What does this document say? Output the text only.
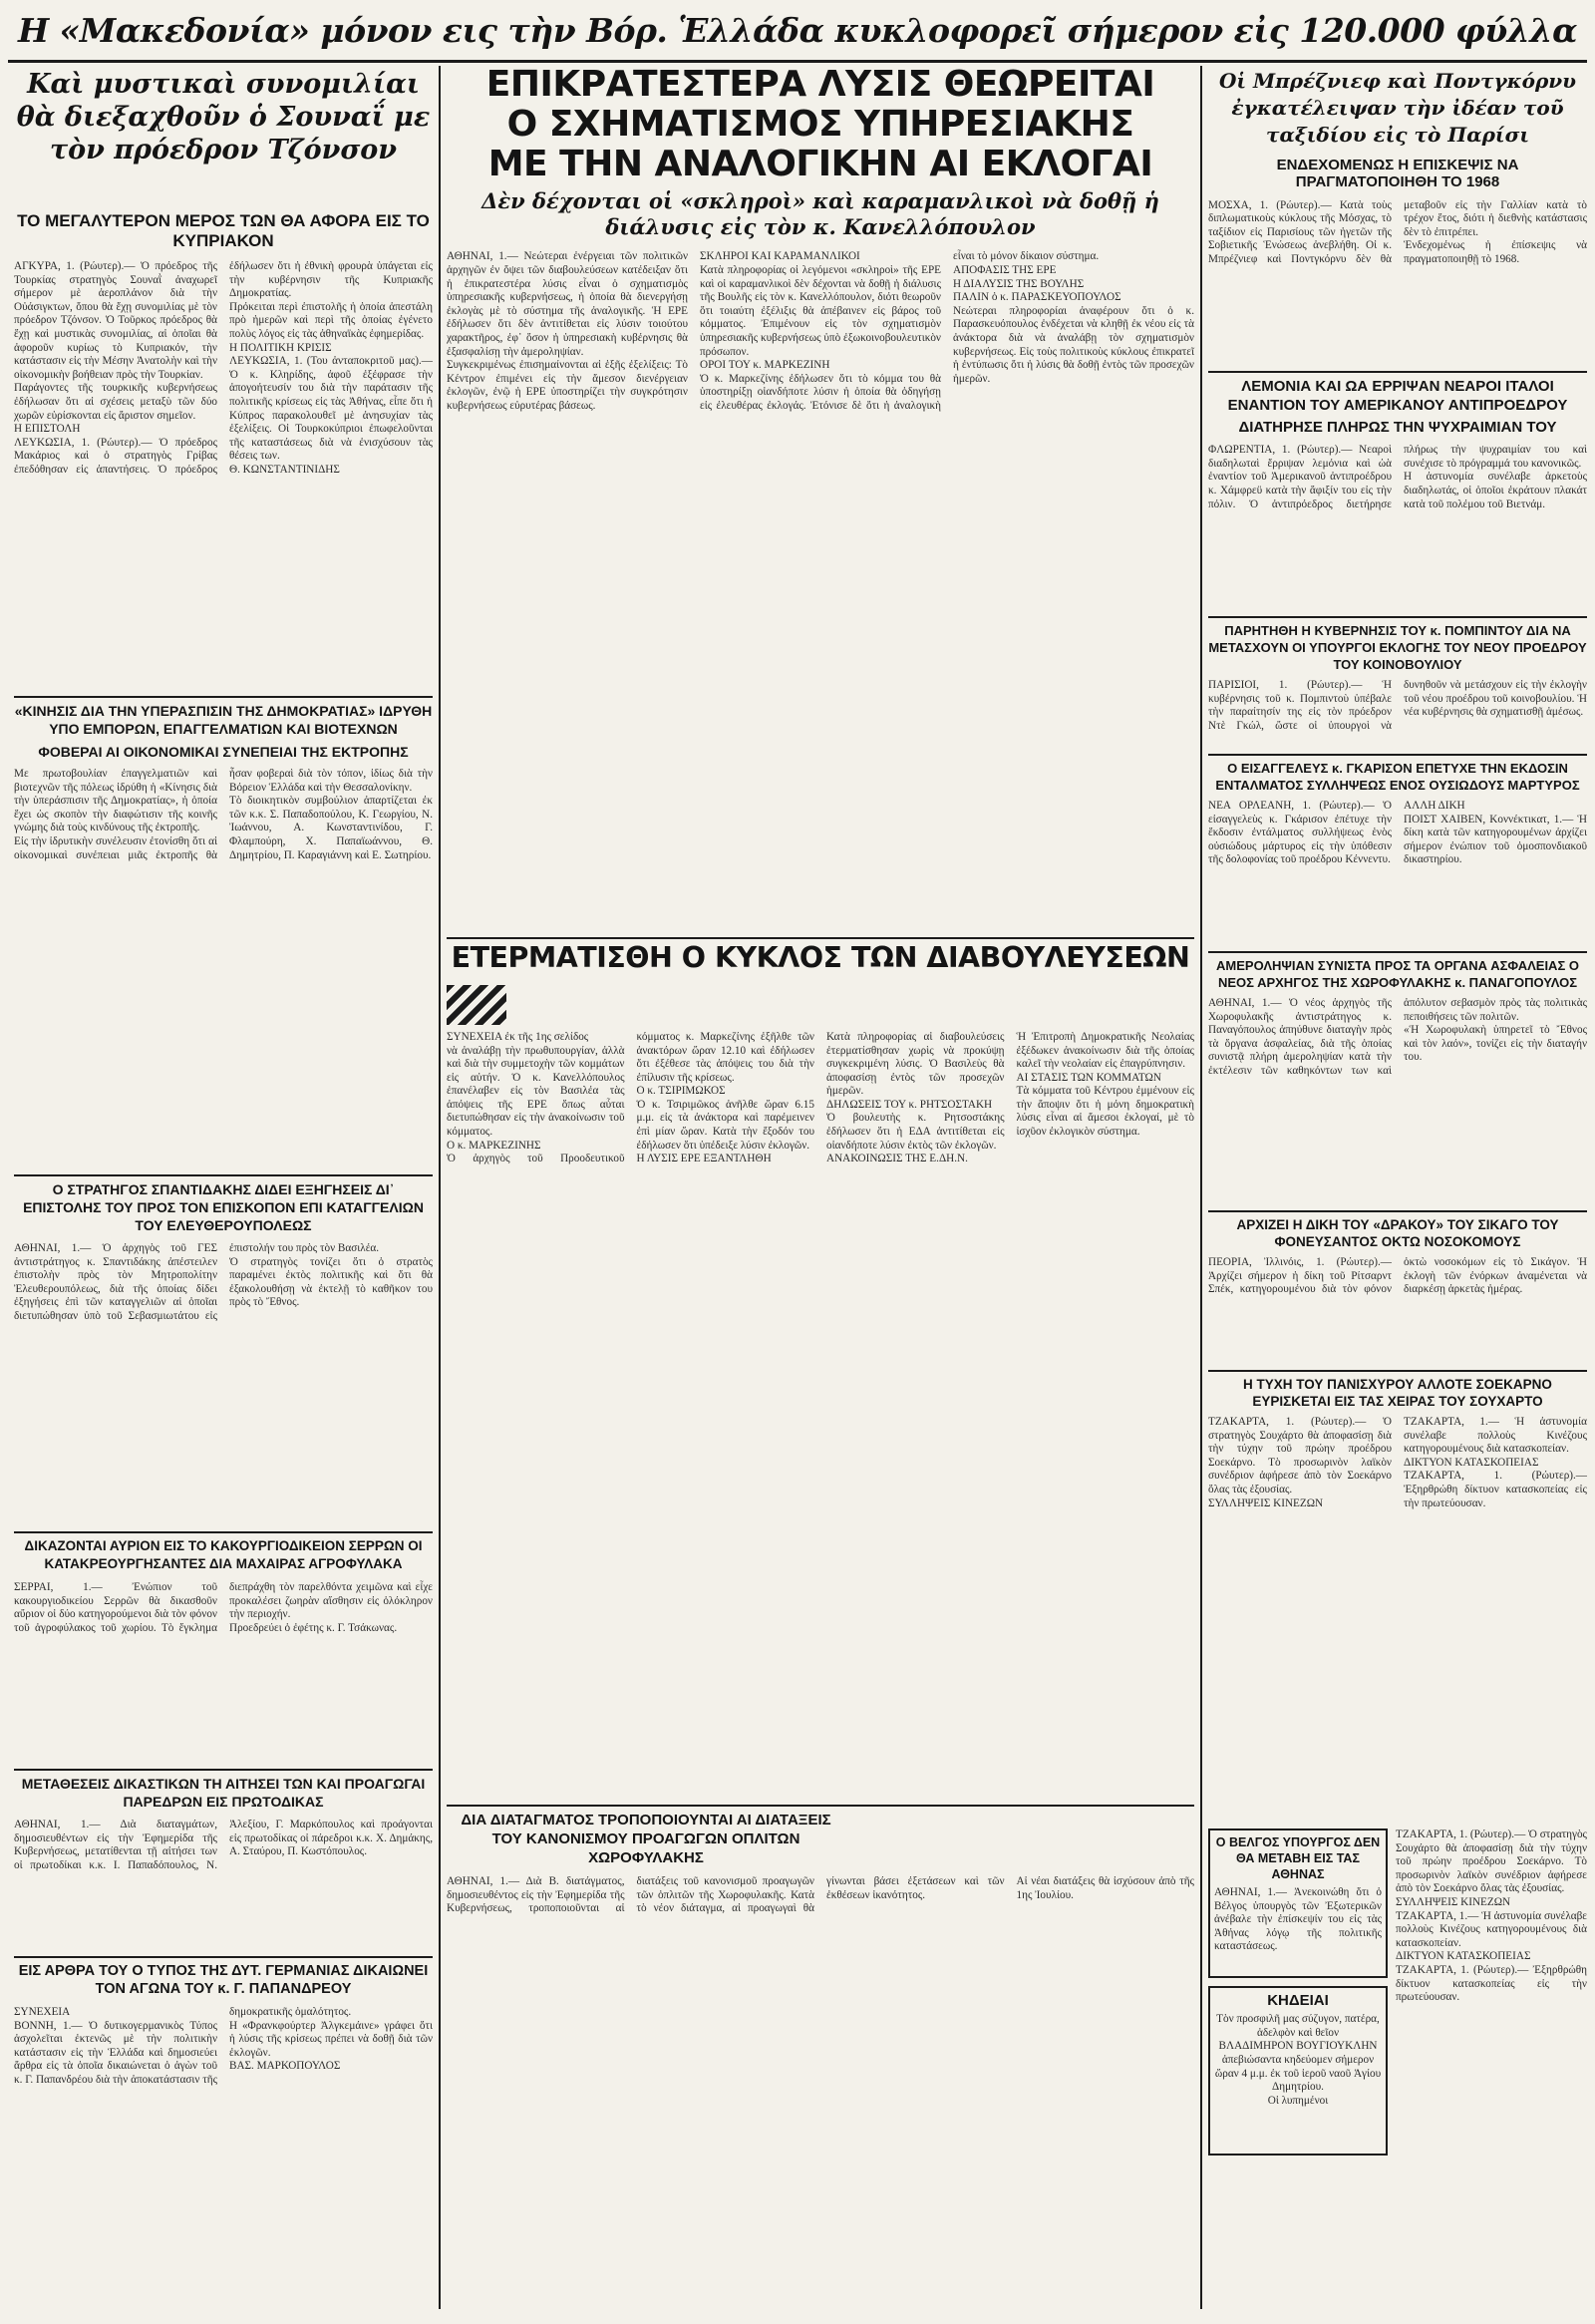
Η «Μακεδονία» μόνον εις τὴν Βόρ. Ἑλλάδα κυκλοφορεῖ σήμερον εἰς 120.000 φύλλα
Καὶ μυστικαὶ συνομιλίαι θὰ διεξαχθοῦν ὁ Σουναΐ με τὸν πρόεδρον Τζόνσον
ΤΟ ΜΕΓΑΛΥΤΕΡΟΝ ΜΕΡΟΣ ΤΩΝ ΘΑ ΑΦΟΡΑ ΕΙΣ ΤΟ ΚΥΠΡΙΑΚΟΝ
ΑΓΚΥΡΑ, 1. (Ρώυτερ).— Ὁ πρόεδρος τῆς Τουρκίας στρατηγὸς Σουναῒ ἀναχωρεῖ σήμερον μὲ ἀεροπλάνον διὰ τὴν Οὐάσιγκτων, ὅπου θὰ ἔχῃ συνομιλίας μὲ τὸν πρόεδρον Τζόνσον. Ὁ Τοῦρκος πρόεδρος θὰ ἔχῃ καὶ μυστικὰς συνομιλίας, αἱ ὁποῖαι θὰ ἀφοροῦν κυρίως τὸ Κυπριακόν, τὴν κατάστασιν εἰς τὴν Μέσην Ἀνατολὴν καὶ τὴν οἰκονομικὴν βοήθειαν πρὸς τὴν Τουρκίαν.
Παράγοντες τῆς τουρκικῆς κυβερνήσεως ἐδήλωσαν ὅτι αἱ σχέσεις μεταξὺ τῶν δύο χωρῶν εὑρίσκονται εἰς ἄριστον σημεῖον.
Η ΕΠΙΣΤΟΛΗ
ΛΕΥΚΩΣΙΑ, 1. (Ρώυτερ).— Ὁ πρόεδρος Μακάριος καὶ ὁ στρατηγὸς Γρίβας ἐπεδόθησαν εἰς ἀπαντήσεις. Ὁ πρόεδρος ἐδήλωσεν ὅτι ἡ ἐθνικὴ φρουρὰ ὑπάγεται εἰς τὴν κυβέρνησιν τῆς Κυπριακῆς Δημοκρατίας.
Πρόκειται περὶ ἐπιστολῆς ἡ ὁποία ἀπεστάλη πρὸ ἡμερῶν καὶ περὶ τῆς ὁποίας ἐγένετο πολὺς λόγος εἰς τὰς ἀθηναϊκὰς ἐφημερίδας.
Η ΠΟΛΙΤΙΚΗ ΚΡΙΣΙΣ
ΛΕΥΚΩΣΙΑ, 1. (Του ἀνταποκριτοῦ μας).— Ὁ κ. Κληρίδης, ἀφοῦ ἐξέφρασε τὴν ἀπογοήτευσίν του διὰ τὴν παράτασιν τῆς πολιτικῆς κρίσεως εἰς τὰς Ἀθήνας, εἶπε ὅτι ἡ Κύπρος παρακολουθεῖ μὲ ἀνησυχίαν τὰς ἐξελίξεις. Οἱ Τουρκοκύπριοι ἐπωφελοῦνται τῆς καταστάσεως διὰ νὰ ἐνισχύσουν τὰς θέσεις των.
Θ. ΚΩΝΣΤΑΝΤΙΝΙΔΗΣ
«ΚΙΝΗΣΙΣ ΔΙΑ ΤΗΝ ΥΠΕΡΑΣΠΙΣΙΝ ΤΗΣ ΔΗΜΟΚΡΑΤΙΑΣ» ΙΔΡΥΘΗ ΥΠΟ ΕΜΠΟΡΩΝ, ΕΠΑΓΓΕΛΜΑΤΙΩΝ ΚΑΙ ΒΙΟΤΕΧΝΩΝ
ΦΟΒΕΡΑΙ ΑΙ ΟΙΚΟΝΟΜΙΚΑΙ ΣΥΝΕΠΕΙΑΙ ΤΗΣ ΕΚΤΡΟΠΗΣ
Με πρωτοβουλίαν ἐπαγγελματιῶν καὶ βιοτεχνῶν τῆς πόλεως ἱδρύθη ἡ «Κίνησις διὰ τὴν ὑπεράσπισιν τῆς Δημοκρατίας», ἡ ὁποία ἔχει ὡς σκοπὸν τὴν διαφώτισιν τῆς κοινῆς γνώμης διὰ τοὺς κινδύνους τῆς ἐκτροπῆς.
Εἰς τὴν ἱδρυτικὴν συνέλευσιν ἐτονίσθη ὅτι αἱ οἰκονομικαὶ συνέπειαι μιᾶς ἐκτροπῆς θὰ ἦσαν φοβεραὶ διὰ τὸν τόπον, ἰδίως διὰ τὴν Βόρειον Ἑλλάδα καὶ τὴν Θεσσαλονίκην.
Τὸ διοικητικὸν συμβούλιον ἀπαρτίζεται ἐκ τῶν κ.κ. Σ. Παπαδοπούλου, Κ. Γεωργίου, Ν. Ἰωάννου, Α. Κωνσταντινίδου, Γ. Φλαμπούρη, Χ. Παπαϊωάννου, Θ. Δημητρίου, Π. Καραγιάννη καὶ Ε. Σωτηρίου.
Ο ΣΤΡΑΤΗΓΟΣ ΣΠΑΝΤΙΔΑΚΗΣ ΔΙΔΕΙ ΕΞΗΓΗΣΕΙΣ ΔΙ᾽ ΕΠΙΣΤΟΛΗΣ ΤΟΥ ΠΡΟΣ ΤΟΝ ΕΠΙΣΚΟΠΟΝ ΕΠΙ ΚΑΤΑΓΓΕΛΙΩΝ ΤΟΥ ΕΛΕΥΘΕΡΟΥΠΟΛΕΩΣ
ΑΘΗΝΑΙ, 1.— Ὁ ἀρχηγὸς τοῦ ΓΕΣ ἀντιστράτηγος κ. Σπαντιδάκης ἀπέστειλεν ἐπιστολὴν πρὸς τὸν Μητροπολίτην Ἐλευθερουπόλεως, διὰ τῆς ὁποίας δίδει ἐξηγήσεις ἐπὶ τῶν καταγγελιῶν αἱ ὁποῖαι διετυπώθησαν ὑπὸ τοῦ Σεβασμιωτάτου εἰς ἐπιστολήν του πρὸς τὸν Βασιλέα.
Ὁ στρατηγὸς τονίζει ὅτι ὁ στρατὸς παραμένει ἐκτὸς πολιτικῆς καὶ ὅτι θὰ ἐξακολουθήσῃ νὰ ἐκτελῇ τὸ καθῆκον του πρὸς τὸ Ἔθνος.
ΔΙΚΑΖΟΝΤΑΙ ΑΥΡΙΟΝ ΕΙΣ ΤΟ ΚΑΚΟΥΡΓΙΟΔΙΚΕΙΟΝ ΣΕΡΡΩΝ ΟΙ ΚΑΤΑΚΡΕΟΥΡΓΗΣΑΝΤΕΣ ΔΙΑ ΜΑΧΑΙΡΑΣ ΑΓΡΟΦΥΛΑΚΑ
ΣΕΡΡΑΙ, 1.— Ἐνώπιον τοῦ κακουργιοδικείου Σερρῶν θὰ δικασθοῦν αὔριον οἱ δύο κατηγορούμενοι διὰ τὸν φόνον τοῦ ἀγροφύλακος τοῦ χωρίου. Τὸ ἔγκλημα διεπράχθη τὸν παρελθόντα χειμῶνα καὶ εἶχε προκαλέσει ζωηρὰν αἴσθησιν εἰς ὁλόκληρον τὴν περιοχήν.
Προεδρεύει ὁ ἐφέτης κ. Γ. Τσάκωνας.
ΜΕΤΑΘΕΣΕΙΣ ΔΙΚΑΣΤΙΚΩΝ ΤΗ ΑΙΤΗΣΕΙ ΤΩΝ ΚΑΙ ΠΡΟΑΓΩΓΑΙ ΠΑΡΕΔΡΩΝ ΕΙΣ ΠΡΩΤΟΔΙΚΑΣ
ΑΘΗΝΑΙ, 1.— Διὰ διαταγμάτων, δημοσιευθέντων εἰς τὴν Ἐφημερίδα τῆς Κυβερνήσεως, μετατίθενται τῇ αἰτήσει των οἱ πρωτοδίκαι κ.κ. Ι. Παπαδόπουλος, Ν. Ἀλεξίου, Γ. Μαρκόπουλος καὶ προάγονται εἰς πρωτοδίκας οἱ πάρεδροι κ.κ. Χ. Δημάκης, Α. Σταύρου, Π. Κωστόπουλος.
ΕΙΣ ΑΡΘΡΑ ΤΟΥ Ο ΤΥΠΟΣ ΤΗΣ ΔΥΤ. ΓΕΡΜΑΝΙΑΣ ΔΙΚΑΙΩΝΕΙ ΤΟΝ ΑΓΩΝΑ ΤΟΥ κ. Γ. ΠΑΠΑΝΔΡΕΟΥ
ΣΥΝΕΧΕΙΑ
ΒΟΝΝΗ, 1.— Ὁ δυτικογερμανικὸς Τύπος ἀσχολεῖται ἐκτενῶς μὲ τὴν πολιτικὴν κατάστασιν εἰς τὴν Ἑλλάδα καὶ δημοσιεύει ἄρθρα εἰς τὰ ὁποῖα δικαιώνεται ὁ ἀγὼν τοῦ κ. Γ. Παπανδρέου διὰ τὴν ἀποκατάστασιν τῆς δημοκρατικῆς ὁμαλότητος.
Η «Φρανκφούρτερ Ἀλγκεμάινε» γράφει ὅτι ἡ λύσις τῆς κρίσεως πρέπει νὰ δοθῇ διὰ τῶν ἐκλογῶν.
ΒΑΣ. ΜΑΡΚΟΠΟΥΛΟΣ
ΕΠΙΚΡΑΤΕΣΤΕΡΑ ΛΥΣΙΣ ΘΕΩΡΕΙΤΑΙ
Ο ΣΧΗΜΑΤΙΣΜΟΣ ΥΠΗΡΕΣΙΑΚΗΣ
ΜΕ ΤΗΝ ΑΝΑΛΟΓΙΚΗΝ ΑΙ ΕΚΛΟΓΑΙ
Δὲν δέχονται οἱ «σκληροὶ» καὶ καραμανλικοὶ νὰ δοθῇ ἡ διάλυσις εἰς τὸν κ. Κανελλόπουλον
ΑΘΗΝΑΙ, 1.— Νεώτεραι ἐνέργειαι τῶν πολιτικῶν ἀρχηγῶν ἐν ὄψει τῶν διαβουλεύσεων κατέδειξαν ὅτι ἡ ἐπικρατεστέρα λύσις εἶναι ὁ σχηματισμὸς ὑπηρεσιακῆς κυβερνήσεως, ἡ ὁποία θὰ διενεργήσῃ ἐκλογὰς μὲ τὸ σύστημα τῆς ἀναλογικῆς. Ἡ ΕΡΕ ἐδήλωσεν ὅτι δὲν ἀντιτίθεται εἰς λύσιν τοιούτου χαρακτῆρος, ἐφ᾽ ὅσον ἡ ὑπηρεσιακὴ κυβέρνησις θὰ ἐξασφαλίσῃ τὴν ἀμεροληψίαν.
Συγκεκριμένως ἐπισημαίνονται αἱ ἑξῆς ἐξελίξεις: Τὸ Κέντρον ἐπιμένει εἰς τὴν ἄμεσον διενέργειαν ἐκλογῶν, ἐνῷ ἡ ΕΡΕ ὑποστηρίζει τὴν συγκρότησιν κυβερνήσεως εὐρυτέρας βάσεως.
ΣΚΛΗΡΟΙ ΚΑΙ ΚΑΡΑΜΑΝΛΙΚΟΙ
Κατὰ πληροφορίας οἱ λεγόμενοι «σκληροὶ» τῆς ΕΡΕ καὶ οἱ καραμανλικοὶ δὲν δέχονται νὰ δοθῇ ἡ διάλυσις τῆς Βουλῆς εἰς τὸν κ. Κανελλόπουλον, διότι θεωροῦν ὅτι τοιαύτη ἐξέλιξις θὰ ἀπέβαινεν εἰς βάρος τοῦ κόμματος. Ἐπιμένουν εἰς τὸν σχηματισμὸν ὑπηρεσιακῆς κυβερνήσεως ὑπὸ ἐξωκοινοβουλευτικὸν πρόσωπον.
ΟΡΟΙ ΤΟΥ κ. ΜΑΡΚΕΖΙΝΗ
Ὁ κ. Μαρκεζίνης ἐδήλωσεν ὅτι τὸ κόμμα του θὰ ὑποστηρίξῃ οἱανδήποτε λύσιν ἡ ὁποία θὰ ὁδηγήσῃ εἰς ἐλευθέρας ἐκλογάς. Ἐτόνισε δὲ ὅτι ἡ ἀναλογικὴ εἶναι τὸ μόνον δίκαιον σύστημα.
ΑΠΟΦΑΣΙΣ ΤΗΣ ΕΡΕ
Η ΔΙΑΛΥΣΙΣ ΤΗΣ ΒΟΥΛΗΣ
ΠΑΛΙΝ ὁ κ. ΠΑΡΑΣΚΕΥΟΠΟΥΛΟΣ
Νεώτεραι πληροφορίαι ἀναφέρουν ὅτι ὁ κ. Παρασκευόπουλος ἐνδέχεται νὰ κληθῇ ἐκ νέου εἰς τὰ ἀνάκτορα διὰ νὰ ἀναλάβῃ τὸν σχηματισμὸν κυβερνήσεως. Εἰς τοὺς πολιτικοὺς κύκλους ἐπικρατεῖ ἡ ἐντύπωσις ὅτι ἡ λύσις θὰ δοθῇ ἐντὸς τῶν προσεχῶν ἡμερῶν.
ΕΤΕΡΜΑΤΙΣΘΗ Ο ΚΥΚΛΟΣ ΤΩΝ ΔΙΑΒΟΥΛΕΥΣΕΩΝ
ΣΥΝΕΧΕΙΑ ἐκ τῆς 1ης σελίδος
νὰ ἀναλάβῃ τὴν πρωθυπουργίαν, ἀλλὰ καὶ διὰ τὴν συμμετοχὴν τῶν κομμάτων εἰς αὐτήν. Ὁ κ. Κανελλόπουλος ἐπανέλαβεν εἰς τὸν Βασιλέα τὰς ἀπόψεις τῆς ΕΡΕ ὅπως αὗται διετυπώθησαν εἰς τὴν ἀνακοίνωσιν τοῦ κόμματος.
Ο κ. ΜΑΡΚΕΖΙΝΗΣ
Ὁ ἀρχηγὸς τοῦ Προοδευτικοῦ κόμματος κ. Μαρκεζίνης ἐξῆλθε τῶν ἀνακτόρων ὥραν 12.10 καὶ ἐδήλωσεν ὅτι ἐξέθεσε τὰς ἀπόψεις του διὰ τὴν ἐπίλυσιν τῆς κρίσεως.
Ο κ. ΤΣΙΡΙΜΩΚΟΣ
Ὁ κ. Τσιριμῶκος ἀνῆλθε ὥραν 6.15 μ.μ. εἰς τὰ ἀνάκτορα καὶ παρέμεινεν ἐπὶ μίαν ὥραν. Κατὰ τὴν ἔξοδόν του ἐδήλωσεν ὅτι ὑπέδειξε λύσιν ἐκλογῶν.
Η ΛΥΣΙΣ ΕΡΕ ΕΞΑΝΤΛΗΘΗ
Κατὰ πληροφορίας αἱ διαβουλεύσεις ἐτερματίσθησαν χωρὶς νὰ προκύψῃ συγκεκριμένη λύσις. Ὁ Βασιλεὺς θὰ ἀποφασίσῃ ἐντὸς τῶν προσεχῶν ἡμερῶν.
ΔΗΛΩΣΕΙΣ ΤΟΥ κ. ΡΗΤΣΟΣΤΑΚΗ
Ὁ βουλευτὴς κ. Ρητσοστάκης ἐδήλωσεν ὅτι ἡ ΕΔΑ ἀντιτίθεται εἰς οἱανδήποτε λύσιν ἐκτὸς τῶν ἐκλογῶν.
ΑΝΑΚΟΙΝΩΣΙΣ ΤΗΣ Ε.ΔΗ.Ν.
Ἡ Ἐπιτροπὴ Δημοκρατικῆς Νεολαίας ἐξέδωκεν ἀνακοίνωσιν διὰ τῆς ὁποίας καλεῖ τὴν νεολαίαν εἰς ἐπαγρύπνησιν.
ΑΙ ΣΤΑΣΙΣ ΤΩΝ ΚΟΜΜΑΤΩΝ
Τὰ κόμματα τοῦ Κέντρου ἐμμένουν εἰς τὴν ἄποψιν ὅτι ἡ μόνη δημοκρατικὴ λύσις εἶναι αἱ ἄμεσοι ἐκλογαί, μὲ τὸ ἰσχῦον ἐκλογικὸν σύστημα.
ΔΙΑ ΔΙΑΤΑΓΜΑΤΟΣ ΤΡΟΠΟΠΟΙΟΥΝΤΑΙ ΑΙ ΔΙΑΤΑΞΕΙΣ ΤΟΥ ΚΑΝΟΝΙΣΜΟΥ ΠΡΟΑΓΩΓΩΝ ΟΠΛΙΤΩΝ ΧΩΡΟΦΥΛΑΚΗΣ
ΑΘΗΝΑΙ, 1.— Διὰ Β. διατάγματος, δημοσιευθέντος εἰς τὴν Ἐφημερίδα τῆς Κυβερνήσεως, τροποποιοῦνται αἱ διατάξεις τοῦ κανονισμοῦ προαγωγῶν τῶν ὁπλιτῶν τῆς Χωροφυλακῆς. Κατὰ τὸ νέον διάταγμα, αἱ προαγωγαὶ θὰ γίνωνται βάσει ἐξετάσεων καὶ τῶν ἐκθέσεων ἱκανότητος.
Αἱ νέαι διατάξεις θὰ ἰσχύσουν ἀπὸ τῆς 1ης Ἰουλίου.
Οἱ Μπρέζνιεφ καὶ Ποντγκόρνυ ἐγκατέλειψαν τὴν ἰδέαν τοῦ ταξιδίου εἰς τὸ Παρίσι
ΕΝΔΕΧΟΜΕΝΩΣ Η ΕΠΙΣΚΕΨΙΣ ΝΑ ΠΡΑΓΜΑΤΟΠΟΙΗΘΗ ΤΟ 1968
ΜΟΣΧΑ, 1. (Ρώυτερ).— Κατὰ τοὺς διπλωματικοὺς κύκλους τῆς Μόσχας, τὸ ταξίδιον εἰς Παρισίους τῶν ἡγετῶν τῆς Σοβιετικῆς Ἑνώσεως ἀνεβλήθη. Οἱ κ. Μπρέζνιεφ καὶ Ποντγκόρνυ δὲν θὰ μεταβοῦν εἰς τὴν Γαλλίαν κατὰ τὸ τρέχον ἔτος, διότι ἡ διεθνὴς κατάστασις δὲν τὸ ἐπιτρέπει.
Ἑνδεχομένως ἡ ἐπίσκεψις νὰ πραγματοποιηθῇ τὸ 1968.
ΛΕΜΟΝΙΑ ΚΑΙ ΩΑ ΕΡΡΙΨΑΝ ΝΕΑΡΟΙ ΙΤΑΛΟΙ ΕΝΑΝΤΙΟΝ ΤΟΥ ΑΜΕΡΙΚΑΝΟΥ ΑΝΤΙΠΡΟΕΔΡΟΥ
ΔΙΑΤΗΡΗΣΕ ΠΛΗΡΩΣ ΤΗΝ ΨΥΧΡΑΙΜΙΑΝ ΤΟΥ
ΦΛΩΡΕΝΤΙΑ, 1. (Ρώυτερ).— Νεαροὶ διαδηλωταὶ ἔρριψαν λεμόνια καὶ ὠὰ ἐναντίον τοῦ Ἀμερικανοῦ ἀντιπροέδρου κ. Χάμφρεϋ κατὰ τὴν ἄφιξίν του εἰς τὴν πόλιν. Ὁ ἀντιπρόεδρος διετήρησε πλήρως τὴν ψυχραιμίαν του καὶ συνέχισε τὸ πρόγραμμά του κανονικῶς.
Η ἀστυνομία συνέλαβε ἀρκετοὺς διαδηλωτάς, οἱ ὁποῖοι ἐκράτουν πλακάτ κατὰ τοῦ πολέμου τοῦ Βιετνάμ.
ΠΑΡΗΤΗΘΗ Η ΚΥΒΕΡΝΗΣΙΣ ΤΟΥ κ. ΠΟΜΠΙΝΤΟΥ ΔΙΑ ΝΑ ΜΕΤΑΣΧΟΥΝ ΟΙ ΥΠΟΥΡΓΟΙ ΕΚΛΟΓΗΣ ΤΟΥ ΝΕΟΥ ΠΡΟΕΔΡΟΥ ΤΟΥ ΚΟΙΝΟΒΟΥΛΙΟΥ
ΠΑΡΙΣΙΟΙ, 1. (Ρώυτερ).— Ἡ κυβέρνησις τοῦ κ. Πομπιντοὺ ὑπέβαλε τὴν παραίτησίν της εἰς τὸν πρόεδρον Ντὲ Γκώλ, ὥστε οἱ ὑπουργοὶ νὰ δυνηθοῦν νὰ μετάσχουν εἰς τὴν ἐκλογὴν τοῦ νέου προέδρου τοῦ κοινοβουλίου. Ἡ νέα κυβέρνησις θὰ σχηματισθῇ ἀμέσως.
Ο ΕΙΣΑΓΓΕΛΕΥΣ κ. ΓΚΑΡΙΣΟΝ ΕΠΕΤΥΧΕ ΤΗΝ ΕΚΔΟΣΙΝ ΕΝΤΑΛΜΑΤΟΣ ΣΥΛΛΗΨΕΩΣ ΕΝΟΣ ΟΥΣΙΩΔΟΥΣ ΜΑΡΤΥΡΟΣ
ΝΕΑ ΟΡΛΕΑΝΗ, 1. (Ρώυτερ).— Ὁ εἰσαγγελεὺς κ. Γκάρισον ἐπέτυχε τὴν ἔκδοσιν ἐντάλματος συλλήψεως ἑνὸς οὐσιώδους μάρτυρος εἰς τὴν ὑπόθεσιν τῆς δολοφονίας τοῦ προέδρου Κέννεντυ.
ΑΛΛΗ ΔΙΚΗ
ΠΟΙΣΤ ΧΑΙΒΕΝ, Κοννέκτικατ, 1.— Ἡ δίκη κατὰ τῶν κατηγορουμένων ἀρχίζει σήμερον ἐνώπιον τοῦ ὁμοσπονδιακοῦ δικαστηρίου.
ΑΜΕΡΟΛΗΨΙΑΝ ΣΥΝΙΣΤΑ ΠΡΟΣ ΤΑ ΟΡΓΑΝΑ ΑΣΦΑΛΕΙΑΣ Ο ΝΕΟΣ ΑΡΧΗΓΟΣ ΤΗΣ ΧΩΡΟΦΥΛΑΚΗΣ κ. ΠΑΝΑΓΟΠΟΥΛΟΣ
ΑΘΗΝΑΙ, 1.— Ὁ νέος ἀρχηγὸς τῆς Χωροφυλακῆς ἀντιστράτηγος κ. Παναγόπουλος ἀπηύθυνε διαταγὴν πρὸς τὰ ὄργανα ἀσφαλείας, διὰ τῆς ὁποίας συνιστᾷ πλήρη ἀμεροληψίαν κατὰ τὴν ἐκτέλεσιν τῶν καθηκόντων των καὶ ἀπόλυτον σεβασμὸν πρὸς τὰς πολιτικὰς πεποιθήσεις τῶν πολιτῶν.
«Ἡ Χωροφυλακὴ ὑπηρετεῖ τὸ Ἔθνος καὶ τὸν λαόν», τονίζει εἰς τὴν διαταγήν του.
ΑΡΧΙΖΕΙ Η ΔΙΚΗ ΤΟΥ «ΔΡΑΚΟΥ» ΤΟΥ ΣΙΚΑΓΟ ΤΟΥ ΦΟΝΕΥΣΑΝΤΟΣ ΟΚΤΩ ΝΟΣΟΚΟΜΟΥΣ
ΠΕΟΡΙΑ, Ἰλλινόις, 1. (Ρώυτερ).— Ἀρχίζει σήμερον ἡ δίκη τοῦ Ρίτσαρντ Σπέκ, κατηγορουμένου διὰ τὸν φόνον ὀκτὼ νοσοκόμων εἰς τὸ Σικάγον. Ἡ ἐκλογὴ τῶν ἐνόρκων ἀναμένεται νὰ διαρκέσῃ ἀρκετὰς ἡμέρας.
Η ΤΥΧΗ ΤΟΥ ΠΑΝΙΣΧΥΡΟΥ ΑΛΛΟΤΕ ΣΟΕΚΑΡΝΟ ΕΥΡΙΣΚΕΤΑΙ ΕΙΣ ΤΑΣ ΧΕΙΡΑΣ ΤΟΥ ΣΟΥΧΑΡΤΟ
ΤΖΑΚΑΡΤΑ, 1. (Ρώυτερ).— Ὁ στρατηγὸς Σουχάρτο θὰ ἀποφασίσῃ διὰ τὴν τύχην τοῦ πρώην προέδρου Σοεκάρνο. Τὸ προσωρινὸν λαϊκὸν συνέδριον ἀφήρεσε ἀπὸ τὸν Σοεκάρνο ὅλας τὰς ἐξουσίας.
ΣΥΛΛΗΨΕΙΣ ΚΙΝΕΖΩΝ
ΤΖΑΚΑΡΤΑ, 1.— Ἡ ἀστυνομία συνέλαβε πολλοὺς Κινέζους κατηγορουμένους διὰ κατασκοπείαν.
ΔΙΚΤΥΟΝ ΚΑΤΑΣΚΟΠΕΙΑΣ
ΤΖΑΚΑΡΤΑ, 1. (Ρώυτερ).— Ἐξηρθρώθη δίκτυον κατασκοπείας εἰς τὴν πρωτεύουσαν.
Ο ΒΕΛΓΟΣ ΥΠΟΥΡΓΟΣ ΔΕΝ ΘΑ ΜΕΤΑΒΗ ΕΙΣ ΤΑΣ ΑΘΗΝΑΣ
ΑΘΗΝΑΙ, 1.— Ἀνεκοινώθη ὅτι ὁ Βέλγος ὑπουργὸς τῶν Ἐξωτερικῶν ἀνέβαλε τὴν ἐπίσκεψίν του εἰς τὰς Ἀθήνας λόγῳ τῆς πολιτικῆς καταστάσεως.
ΚΗΔΕΙΑΙ
Τὸν προσφιλῆ μας σύζυγον, πατέρα, ἀδελφὸν καὶ θεῖον
ΒΛΑΔΙΜΗΡΟΝ ΒΟΥΓΙΟΥΚΛΗΝ
ἀπεβιώσαντα κηδεύομεν σήμερον ὥραν 4 μ.μ. ἐκ τοῦ ἱεροῦ ναοῦ Ἁγίου Δημητρίου.
Οἱ λυπημένοι
ΤΖΑΚΑΡΤΑ, 1. (Ρώυτερ).— Ὁ στρατηγὸς Σουχάρτο θὰ ἀποφασίσῃ διὰ τὴν τύχην τοῦ πρώην προέδρου Σοεκάρνο. Τὸ προσωρινὸν λαϊκὸν συνέδριον ἀφήρεσε ἀπὸ τὸν Σοεκάρνο ὅλας τὰς ἐξουσίας.
ΣΥΛΛΗΨΕΙΣ ΚΙΝΕΖΩΝ
ΤΖΑΚΑΡΤΑ, 1.— Ἡ ἀστυνομία συνέλαβε πολλοὺς Κινέζους κατηγορουμένους διὰ κατασκοπείαν.
ΔΙΚΤΥΟΝ ΚΑΤΑΣΚΟΠΕΙΑΣ
ΤΖΑΚΑΡΤΑ, 1. (Ρώυτερ).— Ἐξηρθρώθη δίκτυον κατασκοπείας εἰς τὴν πρωτεύουσαν.
